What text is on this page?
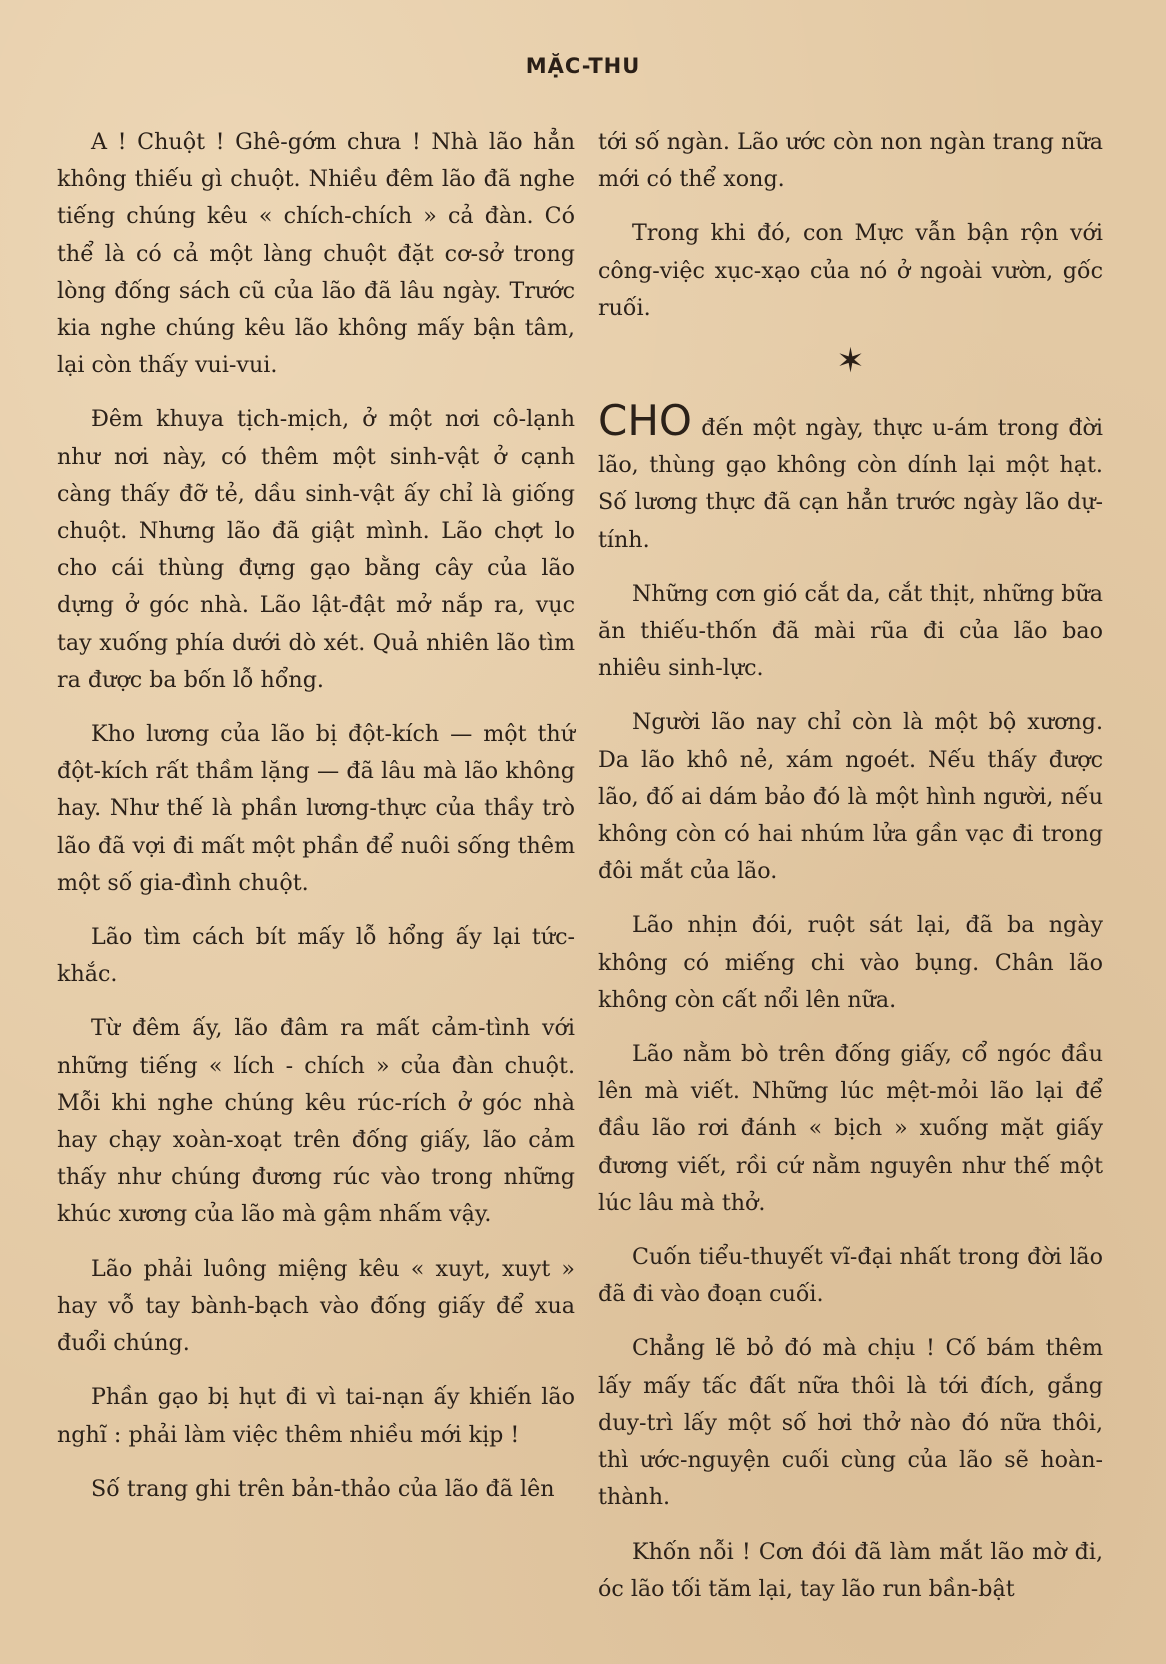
MẶC-THU

A ! Chuột ! Ghê-gớm chưa ! Nhà lão hẳn không thiếu gì chuột. Nhiều đêm lão đã nghe tiếng chúng kêu « chích-chích » cả đàn. Có thể là có cả một làng chuột đặt cơ-sở trong lòng đống sách cũ của lão đã lâu ngày. Trước kia nghe chúng kêu lão không mấy bận tâm, lại còn thấy vui-vui.

Đêm khuya tịch-mịch, ở một nơi cô-lạnh như nơi này, có thêm một sinh-vật ở cạnh càng thấy đỡ tẻ, dầu sinh-vật ấy chỉ là giống chuột. Nhưng lão đã giật mình. Lão chợt lo cho cái thùng đựng gạo bằng cây của lão dựng ở góc nhà. Lão lật-đật mở nắp ra, vục tay xuống phía dưới dò xét. Quả nhiên lão tìm ra được ba bốn lỗ hổng.

Kho lương của lão bị đột-kích — một thứ đột-kích rất thầm lặng — đã lâu mà lão không hay. Như thế là phần lương-thực của thầy trò lão đã vợi đi mất một phần để nuôi sống thêm một số gia-đình chuột.

Lão tìm cách bít mấy lỗ hổng ấy lại tức-khắc.

Từ đêm ấy, lão đâm ra mất cảm-tình với những tiếng « lích - chích » của đàn chuột. Mỗi khi nghe chúng kêu rúc-rích ở góc nhà hay chạy xoàn-xoạt trên đống giấy, lão cảm thấy như chúng đương rúc vào trong những khúc xương của lão mà gậm nhấm vậy.

Lão phải luông miệng kêu « xuyt, xuyt » hay vỗ tay bành-bạch vào đống giấy để xua đuổi chúng.

Phần gạo bị hụt đi vì tai-nạn ấy khiến lão nghĩ : phải làm việc thêm nhiều mới kịp !

Số trang ghi trên bản-thảo của lão đã lên

tới số ngàn. Lão ước còn non ngàn trang nữa mới có thể xong.

Trong khi đó, con Mực vẫn bận rộn với công-việc xục-xạo của nó ở ngoài vườn, gốc ruối.

✶

CHO đến một ngày, thực u-ám trong đời lão, thùng gạo không còn dính lại một hạt. Số lương thực đã cạn hẳn trước ngày lão dự-tính.

Những cơn gió cắt da, cắt thịt, những bữa ăn thiếu-thốn đã mài rũa đi của lão bao nhiêu sinh-lực.

Người lão nay chỉ còn là một bộ xương. Da lão khô nẻ, xám ngoét. Nếu thấy được lão, đố ai dám bảo đó là một hình người, nếu không còn có hai nhúm lửa gần vạc đi trong đôi mắt của lão.

Lão nhịn đói, ruột sát lại, đã ba ngày không có miếng chi vào bụng. Chân lão không còn cất nổi lên nữa.

Lão nằm bò trên đống giấy, cổ ngóc đầu lên mà viết. Những lúc mệt-mỏi lão lại để đầu lão rơi đánh « bịch » xuống mặt giấy đương viết, rồi cứ nằm nguyên như thế một lúc lâu mà thở.

Cuốn tiểu-thuyết vĩ-đại nhất trong đời lão đã đi vào đoạn cuối.

Chẳng lẽ bỏ đó mà chịu ! Cố bám thêm lấy mấy tấc đất nữa thôi là tới đích, gắng duy-trì lấy một số hơi thở nào đó nữa thôi, thì ước-nguyện cuối cùng của lão sẽ hoàn-thành.

Khốn nỗi ! Cơn đói đã làm mắt lão mờ đi, óc lão tối tăm lại, tay lão run bần-bật
